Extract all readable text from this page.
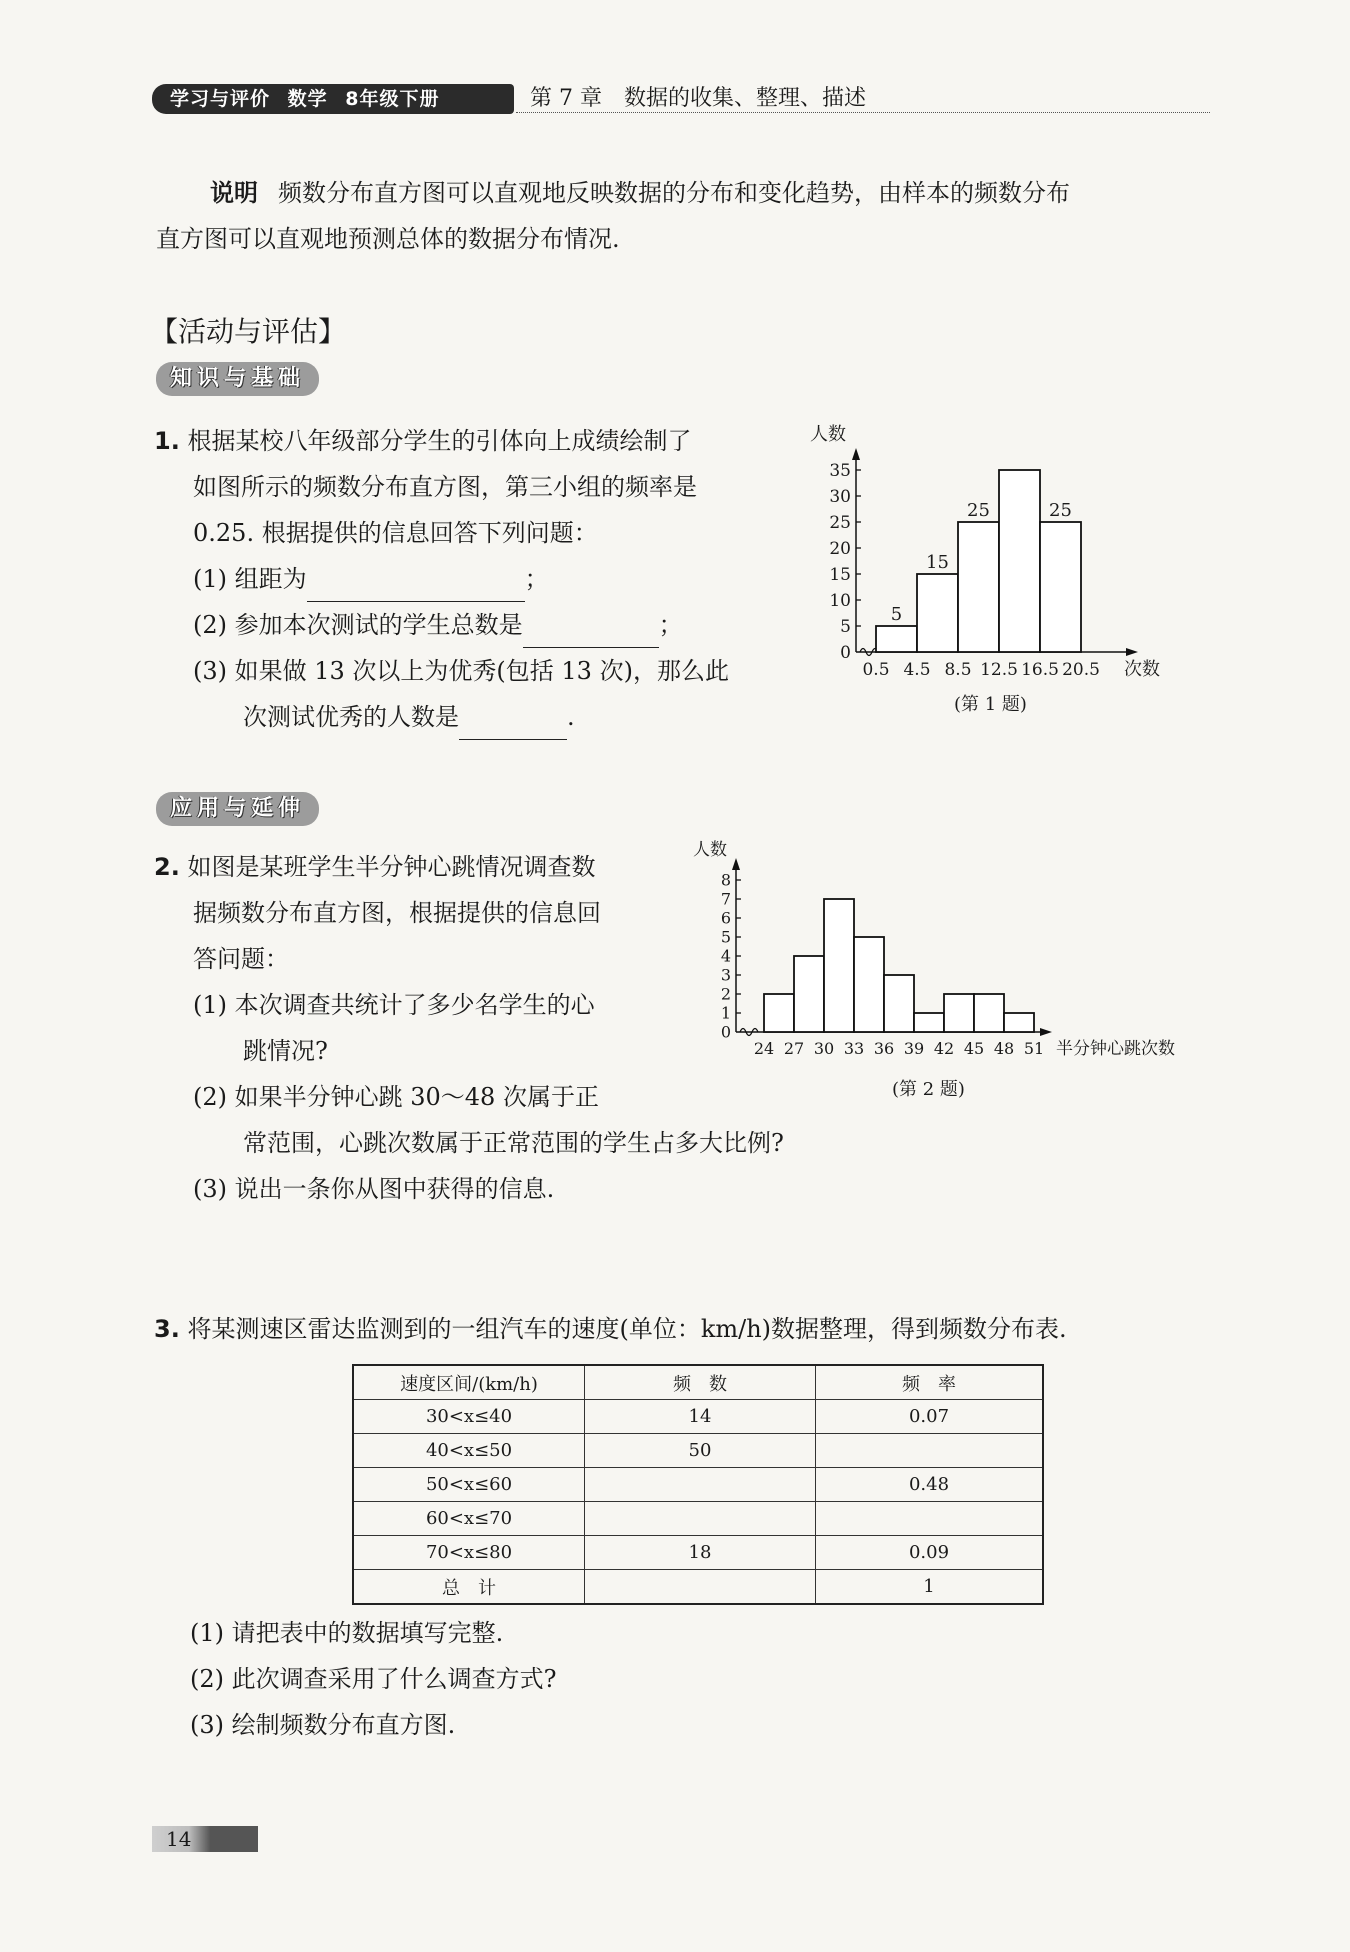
学习与评价 数学 8年级下册	第 7 章　数据的收集、整理、描述
说明 频数分布直方图可以直观地反映数据的分布和变化趋势，由样本的频数分布
直方图可以直观地预测总体的数据分布情况.
【活动与评估】
知识与基础
1. 根据某校八年级部分学生的引体向上成绩绘制了
如图所示的频数分布直方图，第三小组的频率是
0.25. 根据提供的信息回答下列问题：
(1) 组距为	；
(2) 参加本次测试的学生总数是	；
(3) 如果做 13 次以上为优秀(包括 13 次)，那么此
次测试优秀的人数是	.
0
5
10
15
20
25
30
35
5
15
25	25
0.5 4.5 8.5 12.5 16.5 20.5
人数
次数
(第 1 题)
应用与延伸
2. 如图是某班学生半分钟心跳情况调查数
据频数分布直方图，根据提供的信息回
答问题：
(1) 本次调查共统计了多少名学生的心
跳情况?
(2) 如果半分钟心跳 30～48 次属于正
常范围，心跳次数属于正常范围的学生占多大比例?
(3) 说出一条你从图中获得的信息.
0
1
2
3
4
5
6
7
8
24 27 30 33 36 39 42 45 48 51
人数
半分钟心跳次数
(第 2 题)
3. 将某测速区雷达监测到的一组汽车的速度(单位：km/h)数据整理，得到频数分布表.
速度区间/(km/h)	频　数	频　率
30<x≤40	14	0.07
40<x≤50	50	
50<x≤60		0.48
60<x≤70		
70<x≤80	18	0.09
总　计		1
(1) 请把表中的数据填写完整.
(2) 此次调查采用了什么调查方式?
(3) 绘制频数分布直方图.
14
